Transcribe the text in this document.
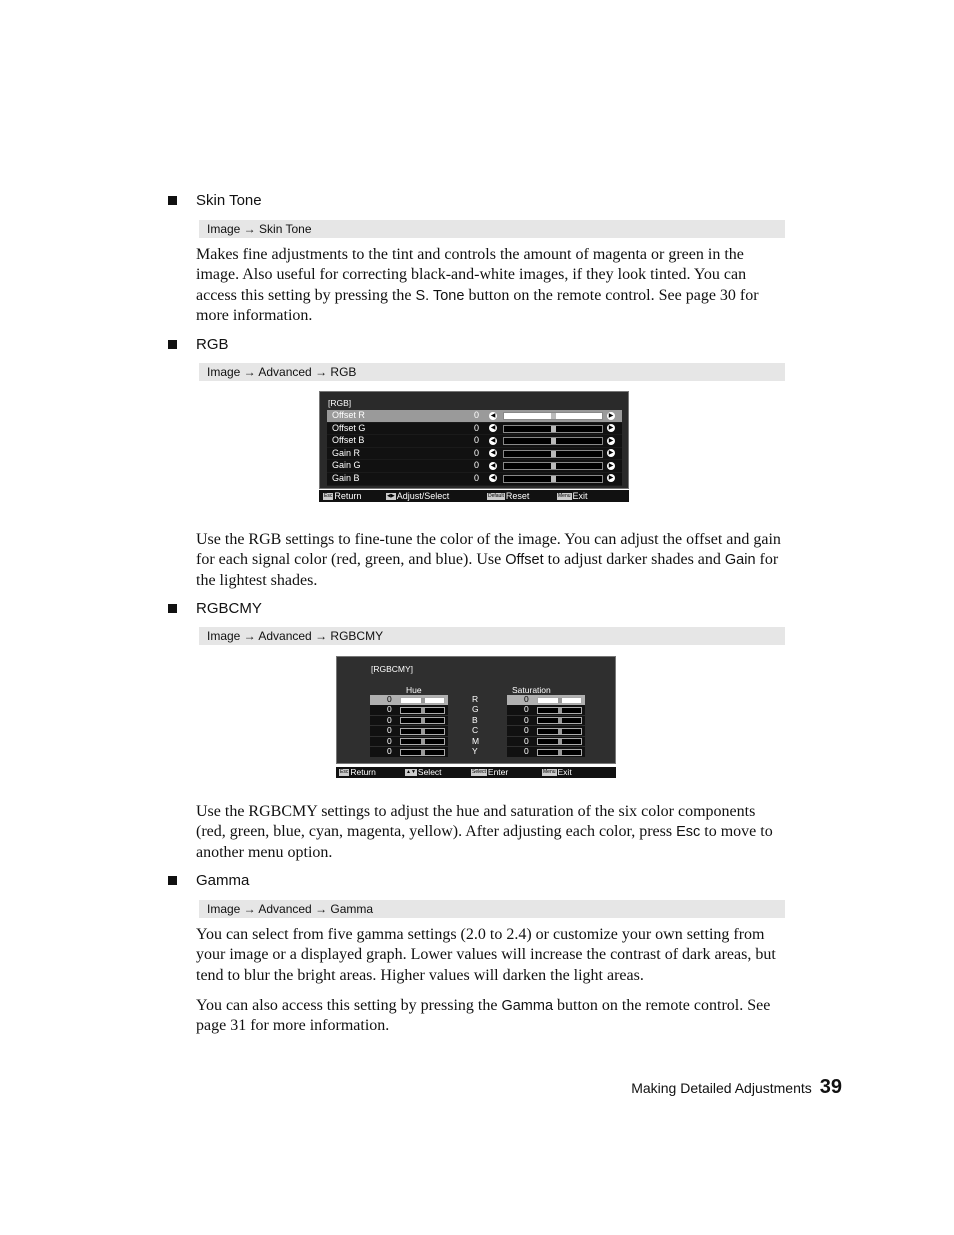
Skin Tone
Image → Skin Tone

Makes fine adjustments to the tint and controls the amount of magenta or green in the image. Also useful for correcting black-and-white images, if they look tinted. You can access this setting by pressing the S. Tone button on the remote control. See page 30 for more information.

RGB
Image → Advanced → RGB
[RGB]
Offset R	0 ◀	▶
Offset G	0 ◀	▶
Offset B	0 ◀	▶
Gain R	0 ◀	▶
Gain G	0 ◀	▶
Gain B	0 ◀	▶
Esc Return	◀▶ Adjust/Select	Default Reset	Menu Exit

Use the RGB settings to fine-tune the color of the image. You can adjust the offset and gain for each signal color (red, green, and blue). Use Offset to adjust darker shades and Gain for the lightest shades.

RGBCMY
Image → Advanced → RGBCMY
[RGBCMY]
Hue	Saturation
0	R	0
0	G	0
0	B	0
0	C	0
0	M	0
0	Y	0
Esc Return	▲▼ Select	Select Enter	Menu Exit

Use the RGBCMY settings to adjust the hue and saturation of the six color components (red, green, blue, cyan, magenta, yellow). After adjusting each color, press Esc to move to another menu option.

Gamma
Image → Advanced → Gamma

You can select from five gamma settings (2.0 to 2.4) or customize your own setting from your image or a displayed graph. Lower values will increase the contrast of dark areas, but tend to blur the bright areas. Higher values will darken the light areas.

You can also access this setting by pressing the Gamma button on the remote control. See page 31 for more information.

Making Detailed Adjustments 39
